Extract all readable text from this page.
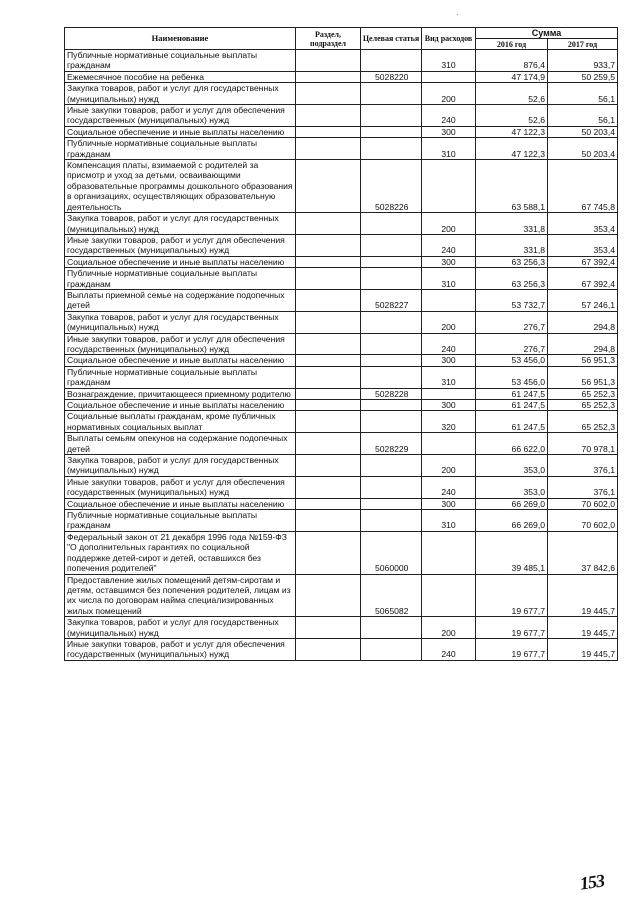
·
Наименование	Раздел, подраздел	Целевая статья	Вид расходов	Сумма	
				2016 год	2017 год
Публичные нормативные социальные выплаты гражданам			310	876,4	933,7
Ежемесячное пособие на ребенка		5028220		47 174,9	50 259,5
Закупка товаров, работ и услуг для государственных (муниципальных) нужд			200	52,6	56,1
Иные закупки товаров, работ и услуг для обеспечения государственных (муниципальных) нужд			240	52,6	56,1
Социальное обеспечение и иные выплаты населению			300	47 122,3	50 203,4
Публичные нормативные социальные выплаты гражданам			310	47 122,3	50 203,4
Компенсация платы, взимаемой с родителей за присмотр и уход за детьми, осваивающими образовательные программы дошкольного образования в организациях, осуществляющих образовательную деятельность		5028226		63 588,1	67 745,8
Закупка товаров, работ и услуг для государственных (муниципальных) нужд			200	331,8	353,4
Иные закупки товаров, работ и услуг для обеспечения государственных (муниципальных) нужд			240	331,8	353,4
Социальное обеспечение и иные выплаты населению			300	63 256,3	67 392,4
Публичные нормативные социальные выплаты гражданам			310	63 256,3	67 392,4
Выплаты приемной семье на содержание подопечных детей		5028227		53 732,7	57 246,1
Закупка товаров, работ и услуг для государственных (муниципальных) нужд			200	276,7	294,8
Иные закупки товаров, работ и услуг для обеспечения государственных (муниципальных) нужд			240	276,7	294,8
Социальное обеспечение и иные выплаты населению			300	53 456,0	56 951,3
Публичные нормативные социальные выплаты гражданам			310	53 456,0	56 951,3
Вознаграждение, причитающееся приемному родителю		5028228		61 247,5	65 252,3
Социальное обеспечение и иные выплаты населению			300	61 247,5	65 252,3
Социальные выплаты гражданам, кроме публичных нормативных социальных выплат			320	61 247,5	65 252,3
Выплаты семьям опекунов на содержание подопечных детей		5028229		66 622,0	70 978,1
Закупка товаров, работ и услуг для государственных (муниципальных) нужд			200	353,0	376,1
Иные закупки товаров, работ и услуг для обеспечения государственных (муниципальных) нужд			240	353,0	376,1
Социальное обеспечение и иные выплаты населению			300	66 269,0	70 602,0
Публичные нормативные социальные выплаты гражданам			310	66 269,0	70 602,0
Федеральный закон от 21 декабря 1996 года №159-ФЗ "О дополнительных гарантиях по социальной поддержке детей-сирот и детей, оставшихся без попечения родителей"		5060000		39 485,1	37 842,6
Предоставление жилых помещений детям-сиротам и детям, оставшимся без попечения родителей, лицам из их числа по договорам найма специализированных жилых помещений		5065082		19 677,7	19 445,7
Закупка товаров, работ и услуг для государственных (муниципальных) нужд			200	19 677,7	19 445,7
Иные закупки товаров, работ и услуг для обеспечения государственных (муниципальных) нужд			240	19 677,7	19 445,7
153
